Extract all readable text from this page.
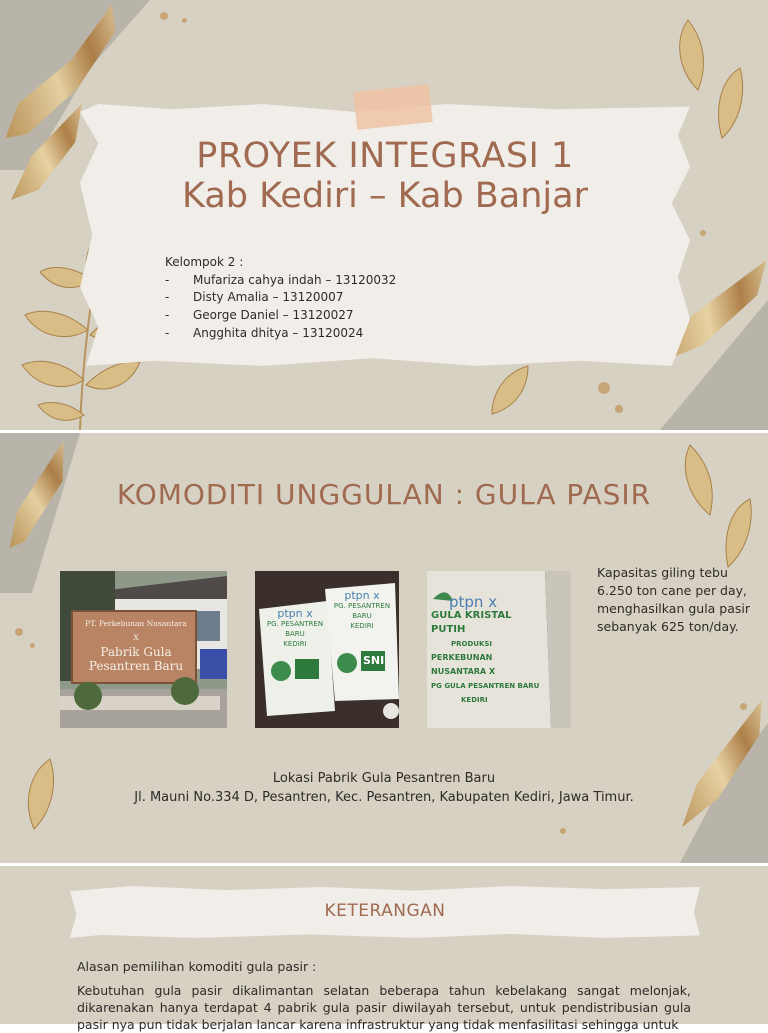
PROYEK INTEGRASI 1
Kab Kediri – Kab Banjar
Kelompok 2 :
-	Mufariza cahya indah – 13120032
-	Disty Amalia – 13120007
-	George Daniel – 13120027
-	Angghita dhitya – 13120024
KOMODITI UNGGULAN : GULA PASIR
PT. Perkebunan Nusantara X
Pabrik Gula
Pesantren Baru
ptpn x
PG. PESANTREN BARU
KEDIRI
ptpn x
PG. PESANTREN BARU
KEDIRI
SNI
ptpn x
GULA KRISTAL PUTIH
PRODUKSI
PERKEBUNAN NUSANTARA X
PG GULA PESANTREN BARU
KEDIRI
Kapasitas giling tebu 6.250 ton cane per day, menghasilkan gula pasir sebanyak 625 ton/day.
Lokasi Pabrik Gula Pesantren Baru
Jl. Mauni No.334 D, Pesantren, Kec. Pesantren, Kabupaten Kediri, Jawa Timur.
KETERANGAN
Alasan pemilihan komoditi gula pasir :
Kebutuhan gula pasir dikalimantan selatan beberapa tahun kebelakang sangat melonjak, dikarenakan hanya terdapat 4 pabrik gula pasir diwilayah tersebut, untuk pendistribusian gula pasir nya pun tidak berjalan lancar karena infrastruktur yang tidak menfasilitasi sehingga untuk
